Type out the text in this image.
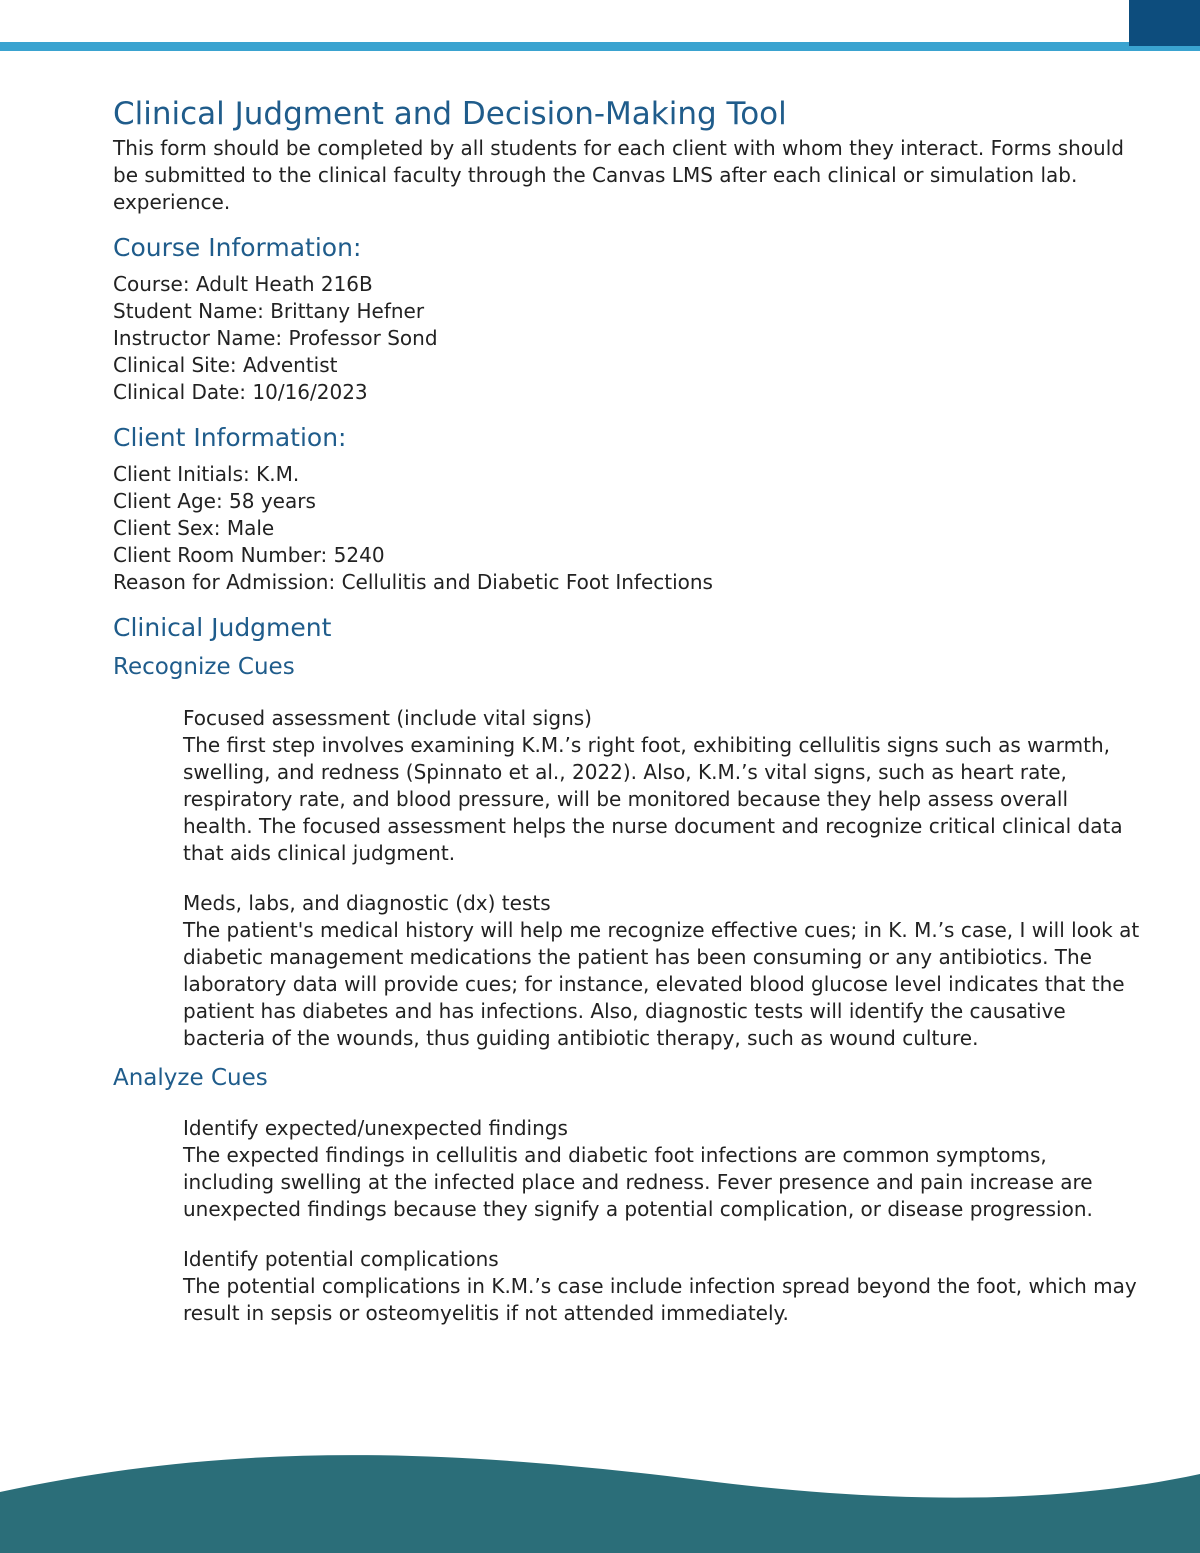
Clinical Judgment and Decision-Making Tool

This form should be completed by all students for each client with whom they interact. Forms should be submitted to the clinical faculty through the Canvas LMS after each clinical or simulation lab. experience.

Course Information:
Course: Adult Heath 216B
Student Name: Brittany Hefner
Instructor Name: Professor Sond
Clinical Site: Adventist
Clinical Date: 10/16/2023
Client Information:
Client Initials: K.M.
Client Age: 58 years
Client Sex: Male
Client Room Number: 5240
Reason for Admission: Cellulitis and Diabetic Foot Infections
Clinical Judgment
Recognize Cues
Focused assessment (include vital signs)
The first step involves examining K.M.’s right foot, exhibiting cellulitis signs such as warmth, swelling, and redness (Spinnato et al., 2022). Also, K.M.’s vital signs, such as heart rate, respiratory rate, and blood pressure, will be monitored because they help assess overall health. The focused assessment helps the nurse document and recognize critical clinical data that aids clinical judgment.
Meds, labs, and diagnostic (dx) tests
The patient's medical history will help me recognize effective cues; in K. M.’s case, I will look at diabetic management medications the patient has been consuming or any antibiotics. The laboratory data will provide cues; for instance, elevated blood glucose level indicates that the patient has diabetes and has infections. Also, diagnostic tests will identify the causative bacteria of the wounds, thus guiding antibiotic therapy, such as wound culture.
Analyze Cues
Identify expected/unexpected findings
The expected findings in cellulitis and diabetic foot infections are common symptoms, including swelling at the infected place and redness. Fever presence and pain increase are unexpected findings because they signify a potential complication, or disease progression.
Identify potential complications
The potential complications in K.M.’s case include infection spread beyond the foot, which may result in sepsis or osteomyelitis if not attended immediately.
